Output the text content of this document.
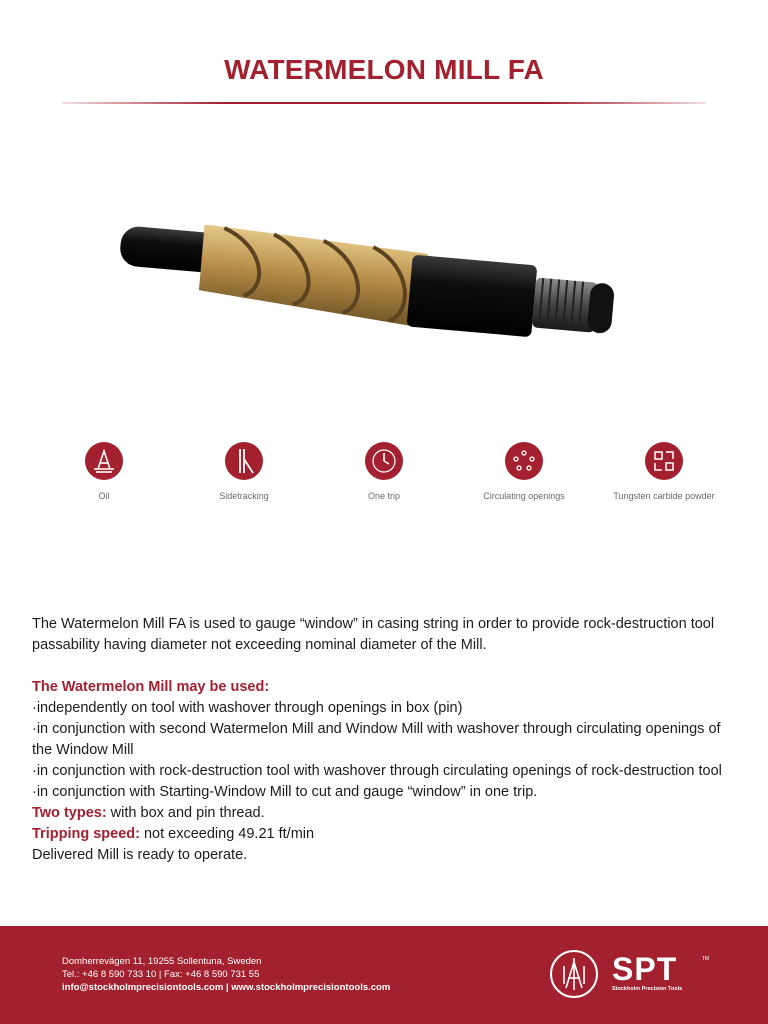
WATERMELON MILL FA
Oil	Sidetracking	One trip	Circulating openings	Tungsten carbide powder

The Watermelon Mill FA is used to gauge “window” in casing string in order to provide rock-destruction tool passability having diameter not exceeding nominal diameter of the Mill.

The Watermelon Mill may be used:

·independently on tool with washover through openings in box (pin)

·in conjunction with second Watermelon Mill and Window Mill with washover through circulating openings of the Window Mill

·in conjunction with rock-destruction tool with washover through circulating openings of rock-destruction tool

·in conjunction with Starting-Window Mill to cut and gauge “window” in one trip.

Two types: with box and pin thread.

Tripping speed: not exceeding 49.21 ft/min

Delivered Mill is ready to operate.

Domherrevägen 11, 19255 Sollentuna, Sweden
Tel.: +46 8 590 733 10 | Fax: +46 8 590 731 55
info@stockholmprecisiontools.com | www.stockholmprecisiontools.com
SPT	TM
Stockholm Precision Tools
